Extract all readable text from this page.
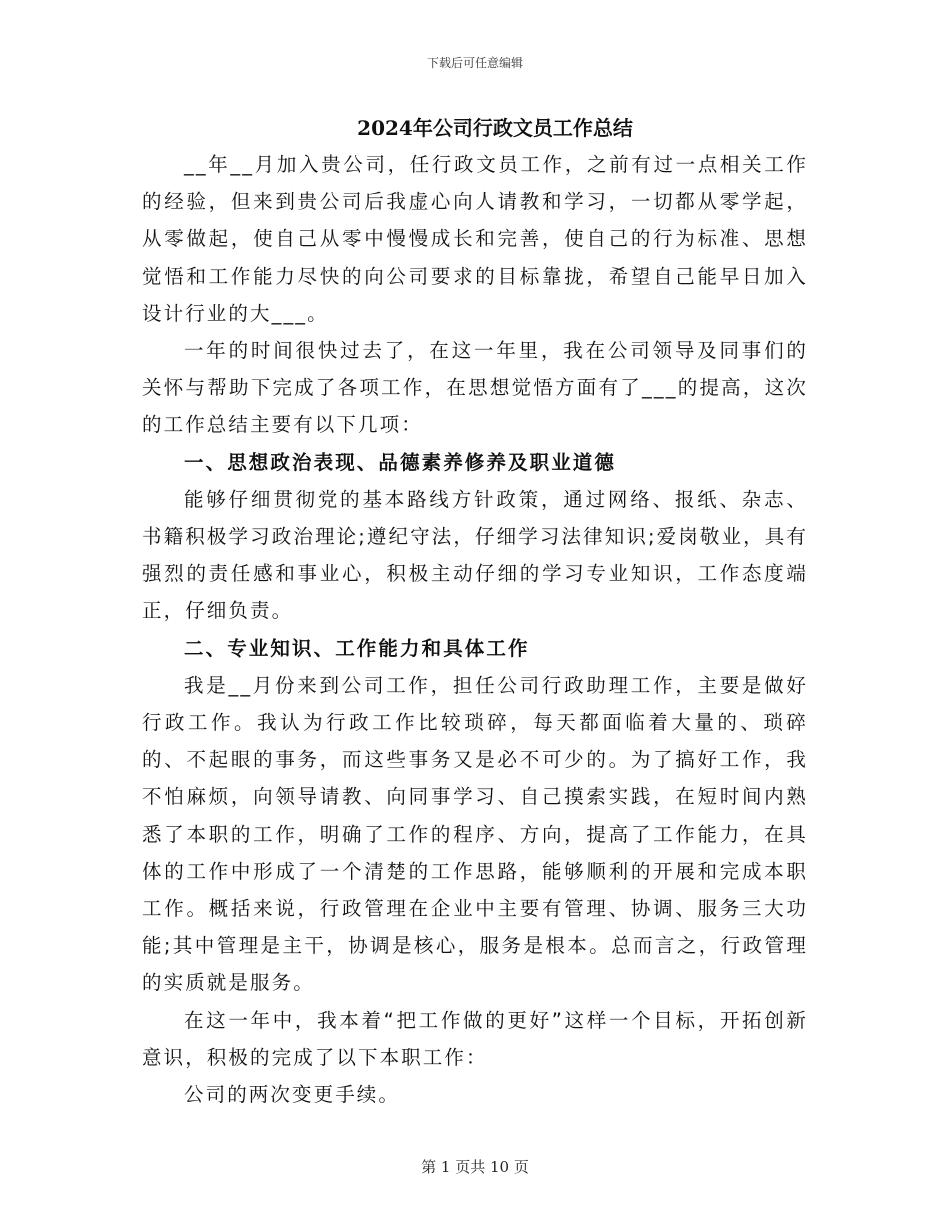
下载后可任意编辑
2024年公司行政文员工作总结

__年__月加入贵公司，任行政文员工作，之前有过一点相关工作的经验，但来到贵公司后我虚心向人请教和学习，一切都从零学起，从零做起，使自己从零中慢慢成长和完善，使自己的行为标准、思想觉悟和工作能力尽快的向公司要求的目标靠拢，希望自己能早日加入设计行业的大___。

一年的时间很快过去了，在这一年里，我在公司领导及同事们的关怀与帮助下完成了各项工作，在思想觉悟方面有了___的提高，这次的工作总结主要有以下几项：

一、思想政治表现、品德素养修养及职业道德

能够仔细贯彻党的基本路线方针政策，通过网络、报纸、杂志、书籍积极学习政治理论;遵纪守法，仔细学习法律知识;爱岗敬业，具有强烈的责任感和事业心，积极主动仔细的学习专业知识，工作态度端正，仔细负责。

二、专业知识、工作能力和具体工作

我是__月份来到公司工作，担任公司行政助理工作，主要是做好行政工作。我认为行政工作比较琐碎，每天都面临着大量的、琐碎的、不起眼的事务，而这些事务又是必不可少的。为了搞好工作，我不怕麻烦，向领导请教、向同事学习、自己摸索实践，在短时间内熟悉了本职的工作，明确了工作的程序、方向，提高了工作能力，在具体的工作中形成了一个清楚的工作思路，能够顺利的开展和完成本职工作。概括来说，行政管理在企业中主要有管理、协调、服务三大功能;其中管理是主干，协调是核心，服务是根本。总而言之，行政管理的实质就是服务。

在这一年中，我本着“把工作做的更好”这样一个目标，开拓创新意识，积极的完成了以下本职工作：

公司的两次变更手续。

第 1 页共 10 页
